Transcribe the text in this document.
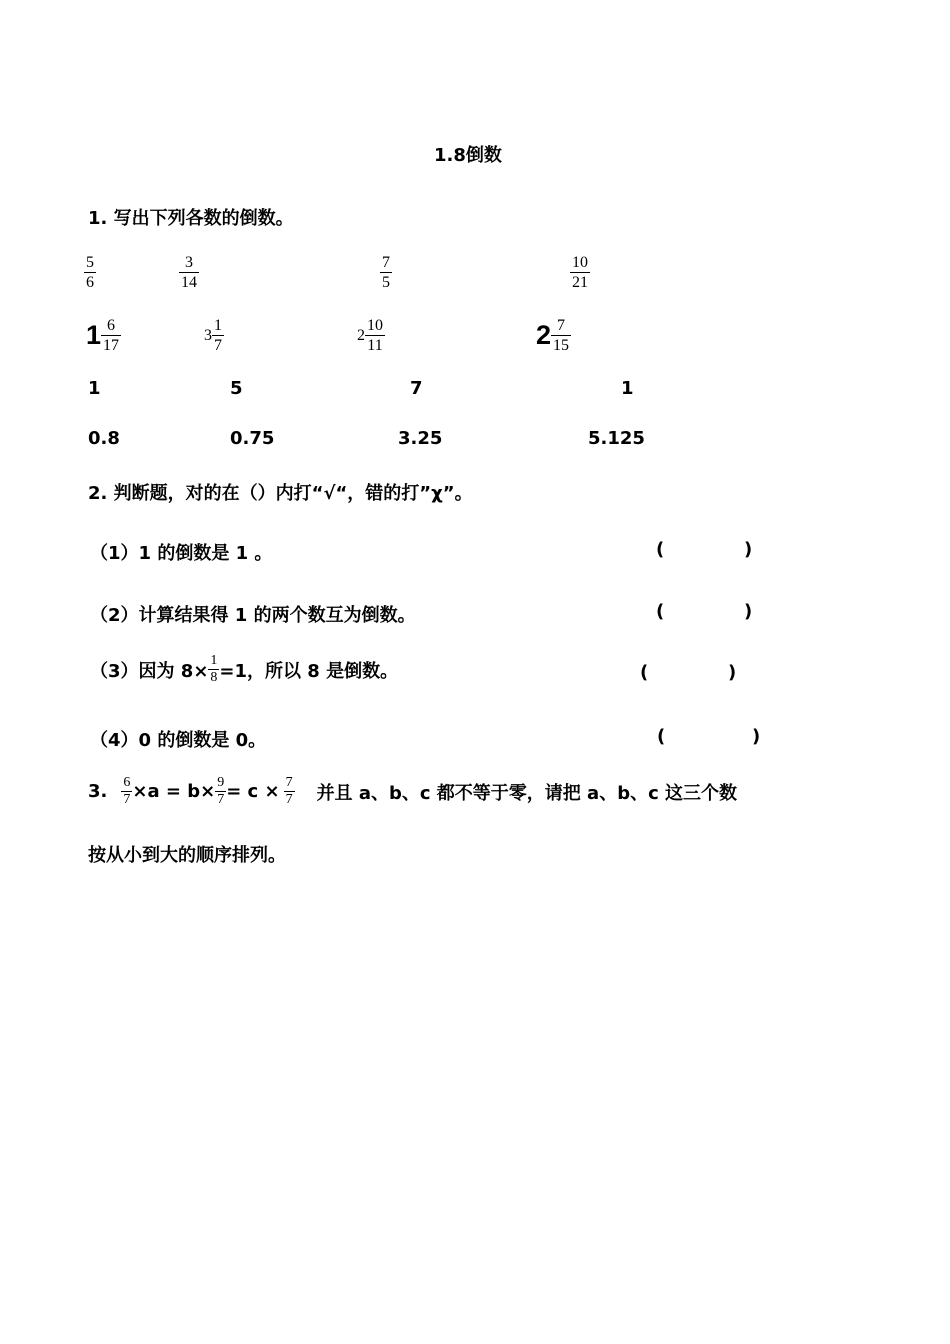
1.8倒数
1. 写出下列各数的倒数。
$\frac{5}{6}$	$\frac{3}{14}$	$\frac{7}{5}$	$\frac{10}{21}$
$1 \frac{6}{17}$	$3 \frac{1}{7}$	$2 \frac{10}{11}$	$2 \frac{7}{15}$
1	5	7	1
0.8	0.75	3.25	5.125
2. 判断题，对的在（）内打“√“，错的打”χ”。
（1）1 的倒数是 1 。	(	)
（2）计算结果得 1 的两个数互为倒数。	(	)
（3）因为 $8\times \frac{1}{8} =1$，所以 8 是倒数。	(	)
（4）0 的倒数是 0。	(	)
3. $\frac{6}{7} \times a = b\times \frac{9}{7} = c \times \frac{7}{7}$ 并且 a、b、c 都不等于零，请把 a、b、c 这三个数
按从小到大的顺序排列。
